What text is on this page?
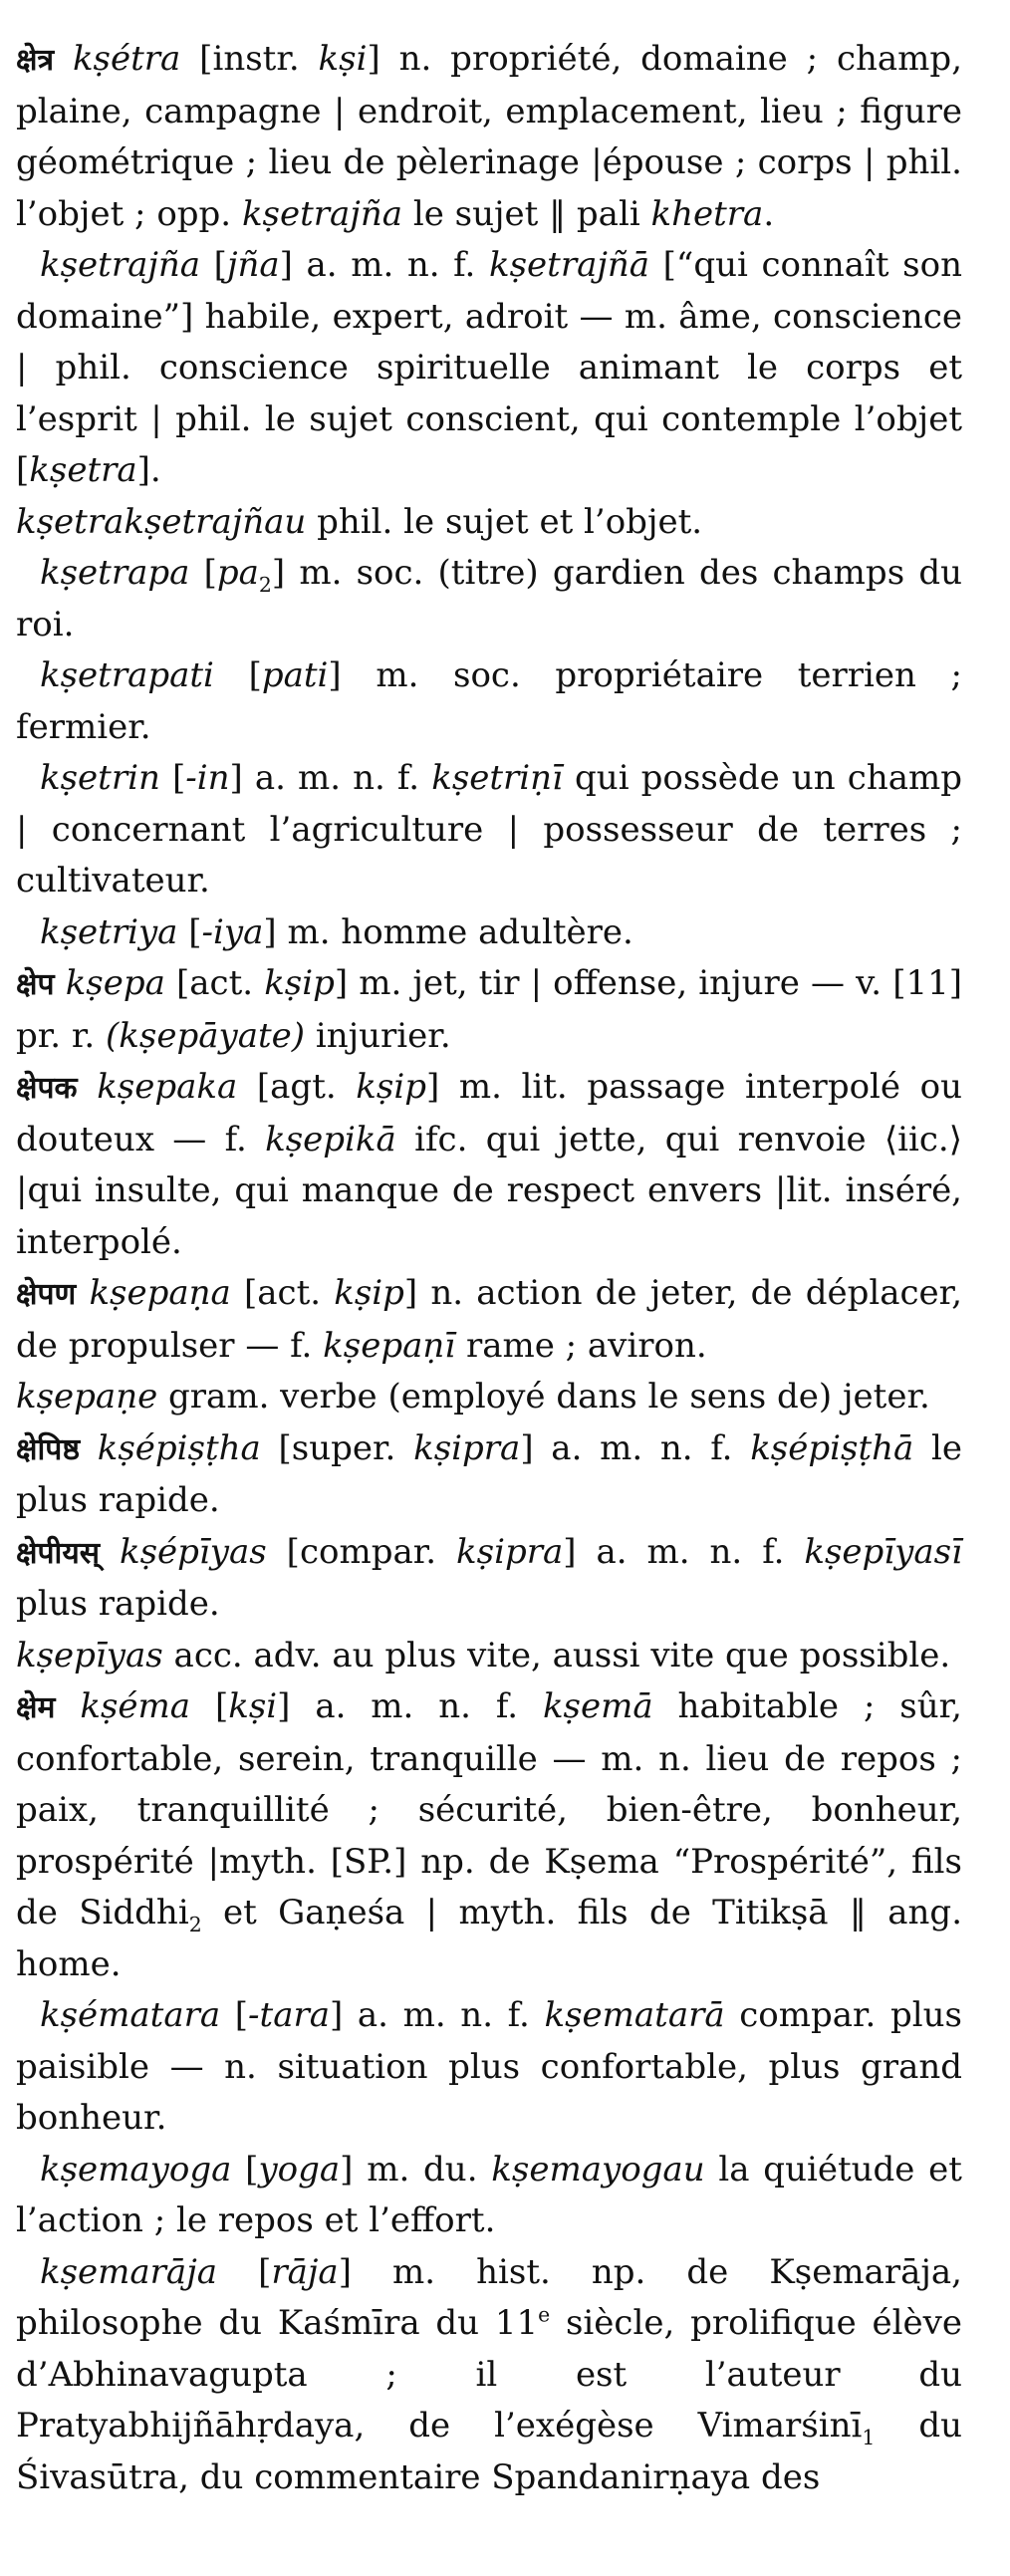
क्षेत्र kṣétra [instr. kṣi] n. propriété, domaine ; champ, plaine, campagne | endroit, emplacement, lieu ; figure géométrique ; lieu de pèlerinage |épouse ; corps | phil. l’objet ; opp. kṣetrajña le sujet ‖ pali khetra.

kṣetrajña [jña] a. m. n. f. kṣetrajñā [“qui connaît son domaine”] habile, expert, adroit — m. âme, conscience | phil. conscience spirituelle animant le corps et l’esprit | phil. le sujet conscient, qui contemple l’objet [kṣetra].

kṣetrakṣetrajñau phil. le sujet et l’objet.

kṣetrapa $[pa_2]$ m. soc. (titre) gardien des champs du roi.

kṣetrapati [pati] m. soc. propriétaire terrien ; fermier.

kṣetrin [-in] a. m. n. f. kṣetriṇī qui possède un champ | concernant l’agriculture | possesseur de terres ; cultivateur.

kṣetriya [-iya] m. homme adultère.

क्षेप kṣepa [act. kṣip] m. jet, tir | offense, injure — v. [11] pr. r. (kṣepāyate) injurier.

क्षेपक kṣepaka [agt. kṣip] m. lit. passage interpolé ou douteux — f. kṣepikā ifc. qui jette, qui renvoie ⟨iic.⟩ |qui insulte, qui manque de respect envers |lit. inséré, interpolé.

क्षेपण kṣepaṇa [act. kṣip] n. action de jeter, de déplacer, de propulser — f. kṣepaṇī rame ; aviron.

kṣepaṇe gram. verbe (employé dans le sens de) jeter.

क्षेपिष्ठ kṣépiṣṭha [super. kṣipra] a. m. n. f. kṣépiṣṭhā le plus rapide.

क्षेपीयस् kṣépīyas [compar. kṣipra] a. m. n. f. kṣepīyasī plus rapide.

kṣepīyas acc. adv. au plus vite, aussi vite que possible.

क्षेम kṣéma [kṣi] a. m. n. f. kṣemā habitable ; sûr, confortable, serein, tranquille — m. n. lieu de repos ; paix, tranquillité ; sécurité, bien-être, bonheur, prospérité |myth. [SP.] np. de Kṣema “Prospérité”, fils de Siddhi$_2$ et Gaṇeśa | myth. fils de Titikṣā ‖ ang. home.

kṣématara [-tara] a. m. n. f. kṣematarā compar. plus paisible — n. situation plus confortable, plus grand bonheur.

kṣemayoga [yoga] m. du. kṣemayogau la quiétude et l’action ; le repos et l’effort.

kṣemarāja [rāja] m. hist. np. de Kṣemarāja, philosophe du Kaśmīra du 11e siècle, prolifique élève d’Abhinavagupta ; il est l’auteur du Pratyabhijñāhṛdaya, de l’exégèse Vimarśinī$_1$ du Śivasūtra, du commentaire Spandanirṇaya des
